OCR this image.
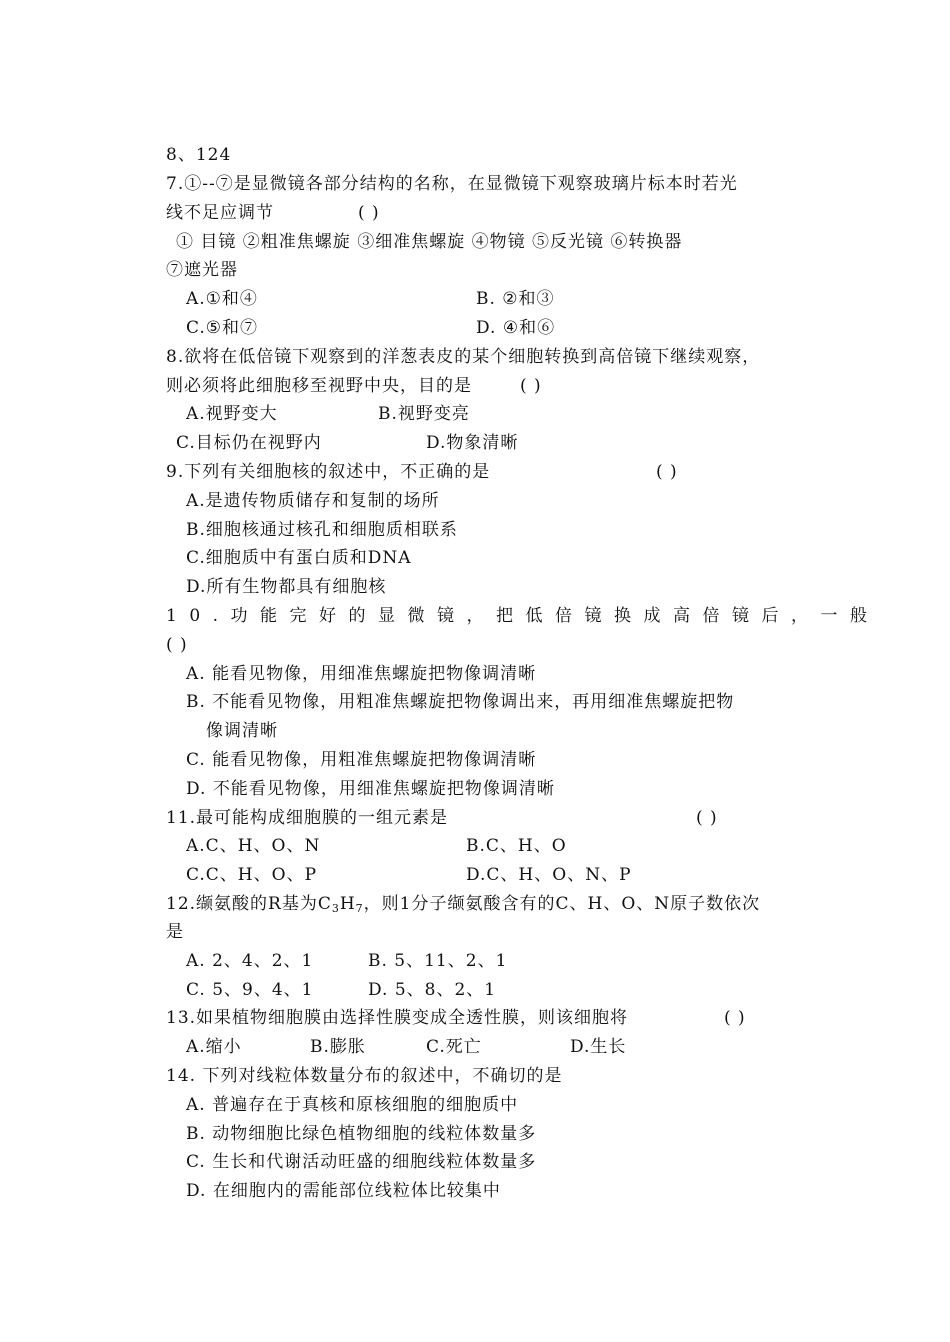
8、124
7.①--⑦是显微镜各部分结构的名称，在显微镜下观察玻璃片标本时若光
线不足应调节	( )
① 目镜 ②粗准焦螺旋 ③细准焦螺旋 ④物镜 ⑤反光镜 ⑥转换器
⑦遮光器
A.①和④	B. ②和③
C.⑤和⑦	D. ④和⑥
8.欲将在低倍镜下观察到的洋葱表皮的某个细胞转换到高倍镜下继续观察，
则必须将此细胞移至视野中央，目的是	( )
A.视野变大	B.视野变亮
C.目标仍在视野内	D.物象清晰
9.下列有关细胞核的叙述中，不正确的是	( )
A.是遗传物质储存和复制的场所
B.细胞核通过核孔和细胞质相联系
C.细胞质中有蛋白质和DNA
D.所有生物都具有细胞核
10.功能完好的显微镜，把低倍镜换成高倍镜后，一般
( )
A. 能看见物像，用细准焦螺旋把物像调清晰
B. 不能看见物像，用粗准焦螺旋把物像调出来，再用细准焦螺旋把物
像调清晰
C. 能看见物像，用粗准焦螺旋把物像调清晰
D. 不能看见物像，用细准焦螺旋把物像调清晰
11.最可能构成细胞膜的一组元素是	( )
A.C、H、O、N	B.C、H、O
C.C、H、O、P	D.C、H、O、N、P
12.缬氨酸的R基为$C_3H_7$，则1分子缬氨酸含有的C、H、O、N原子数依次
是
A. 2、4、2、1	B. 5、11、2、1
C. 5、9、4、1	D. 5、8、2、1
13.如果植物细胞膜由选择性膜变成全透性膜，则该细胞将	( )
A.缩小	B.膨胀	C.死亡	D.生长
14. 下列对线粒体数量分布的叙述中，不确切的是
A. 普遍存在于真核和原核细胞的细胞质中
B. 动物细胞比绿色植物细胞的线粒体数量多
C. 生长和代谢活动旺盛的细胞线粒体数量多
D. 在细胞内的需能部位线粒体比较集中
